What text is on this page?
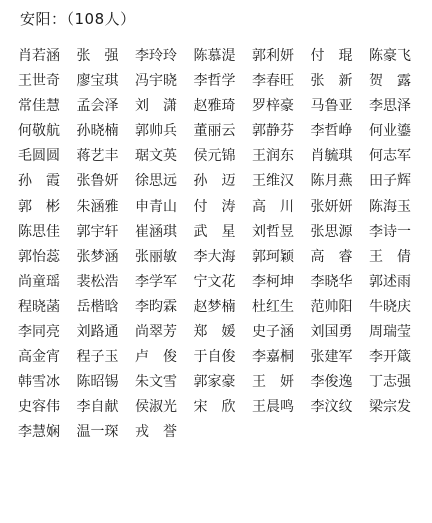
安阳：（108人）
肖若涵	张　强	李玲玲	陈慕湜	郭利妍	付　琨	陈豪飞
王世奇	廖宝琪	冯宇晓	李哲学	李春旺	张　新	贺　露
常佳慧	孟会泽	刘　潇	赵雅琦	罗梓豪	马鲁亚	李思泽
何敬航	孙晓楠	郭帅兵	董丽云	郭静芬	李哲峥	何业鎏
毛圆圆	蒋艺丰	琚文英	侯元锦	王润东	肖毓琪	何志军
孙　霞	张鲁妍	徐思远	孙　迈	王维汉	陈月燕	田子辉
郭　彬	朱涵雅	申青山	付　涛	高　川	张妍妍	陈海玉
陈思佳	郭宇轩	崔涵琪	武　星	刘哲昱	张思源	李诗一
郭怡蕊	张梦涵	张丽敏	李大海	郭珂颖	高　睿	王　倩
尚童瑶	裴松浩	李学军	宁文花	李柯坤	李晓华	郭述雨
程晓菡	岳楷晗	李昀霖	赵梦楠	杜红生	范帅阳	牛晓庆
李同亮	刘路通	尚翠芳	郑　媛	史子涵	刘国勇	周瑞莹
高金宵	程子玉	卢　俊	于自俊	李嘉桐	张建军	李开箴
韩雪冰	陈昭锡	朱文雪	郭家豪	王　妍	李俊逸	丁志强
史容伟	李自献	侯淑光	宋　欣	王晨鸣	李汶纹	梁宗发
李慧娴	温一琛	戎　誉
